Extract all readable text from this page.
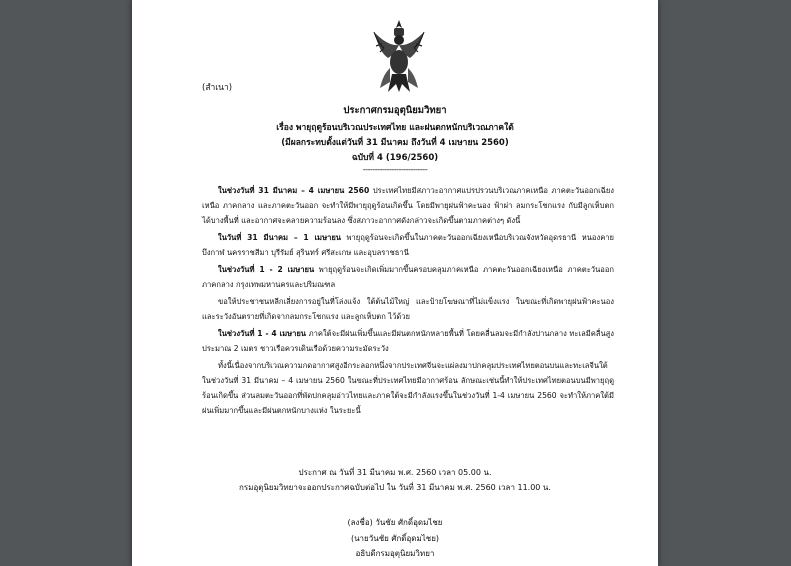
(สำเนา)
ประกาศกรมอุตุนิยมวิทยา
เรื่อง พายุฤดูร้อนบริเวณประเทศไทย และฝนตกหนักบริเวณภาคใต้
(มีผลกระทบตั้งแต่วันที่ 31 มีนาคม ถึงวันที่ 4 เมษายน 2560)
ฉบับที่ 4 (196/2560)
---------------------------

ในช่วงวันที่ 31 มีนาคม – 4 เมษายน 2560 ประเทศไทยมีสภาวะอากาศแปรปรวนบริเวณภาคเหนือ ภาคตะวันออกเฉียงเหนือ ภาคกลาง และภาคตะวันออก จะทำให้มีพายุฤดูร้อนเกิดขึ้น โดยมีพายุฝนฟ้าคะนอง ฟ้าผ่า ลมกระโชกแรง กับมีลูกเห็บตกได้บางพื้นที่ และอากาศจะคลายความร้อนลง ซึ่งสภาวะอากาศดังกล่าวจะเกิดขึ้นตามภาคต่างๆ ดังนี้

ในวันที่ 31 มีนาคม – 1 เมษายน พายุฤดูร้อนจะเกิดขึ้นในภาคตะวันออกเฉียงเหนือบริเวณจังหวัดอุดรธานี หนองคาย บึงกาฬ นครราชสีมา บุรีรัมย์ สุรินทร์ ศรีสะเกษ และอุบลราชธานี

ในช่วงวันที่ 1 - 2 เมษายน พายุฤดูร้อนจะเกิดเพิ่มมากขึ้นครอบคลุมภาคเหนือ ภาคตะวันออกเฉียงเหนือ ภาคตะวันออก ภาคกลาง กรุงเทพมหานครและปริมณฑล

ขอให้ประชาชนหลีกเลี่ยงการอยู่ในที่โล่งแจ้ง ใต้ต้นไม้ใหญ่ และป้ายโฆษณาที่ไม่แข็งแรง ในขณะที่เกิดพายุฝนฟ้าคะนอง และระวังอันตรายที่เกิดจากลมกระโชกแรง และลูกเห็บตก ไว้ด้วย

ในช่วงวันที่ 1 - 4 เมษายน ภาคใต้จะมีฝนเพิ่มขึ้นและมีฝนตกหนักหลายพื้นที่ โดยคลื่นลมจะมีกำลังปานกลาง ทะเลมีคลื่นสูงประมาณ 2 เมตร ชาวเรือควรเดินเรือด้วยความระมัดระวัง

ทั้งนี้เนื่องจากบริเวณความกดอากาศสูงอีกระลอกหนึ่งจากประเทศจีนจะแผ่ลงมาปกคลุมประเทศไทยตอนบนและทะเลจีนใต้ในช่วงวันที่ 31 มีนาคม – 4 เมษายน 2560 ในขณะที่ประเทศไทยมีอากาศร้อน ลักษณะเช่นนี้ทำให้ประเทศไทยตอนบนมีพายุฤดูร้อนเกิดขึ้น ส่วนลมตะวันออกที่พัดปกคลุมอ่าวไทยและภาคใต้จะมีกำลังแรงขึ้นในช่วงวันที่ 1-4 เมษายน 2560 จะทำให้ภาคใต้มีฝนเพิ่มมากขึ้นและมีฝนตกหนักบางแห่ง ในระยะนี้

ประกาศ ณ วันที่ 31 มีนาคม พ.ศ. 2560 เวลา 05.00 น.
กรมอุตุนิยมวิทยาจะออกประกาศฉบับต่อไป ใน วันที่ 31 มีนาคม พ.ศ. 2560 เวลา 11.00 น.
(ลงชื่อ) วันชัย ศักดิ์อุดมไชย
(นายวันชัย ศักดิ์อุดมไชย)
อธิบดีกรมอุตุนิยมวิทยา
